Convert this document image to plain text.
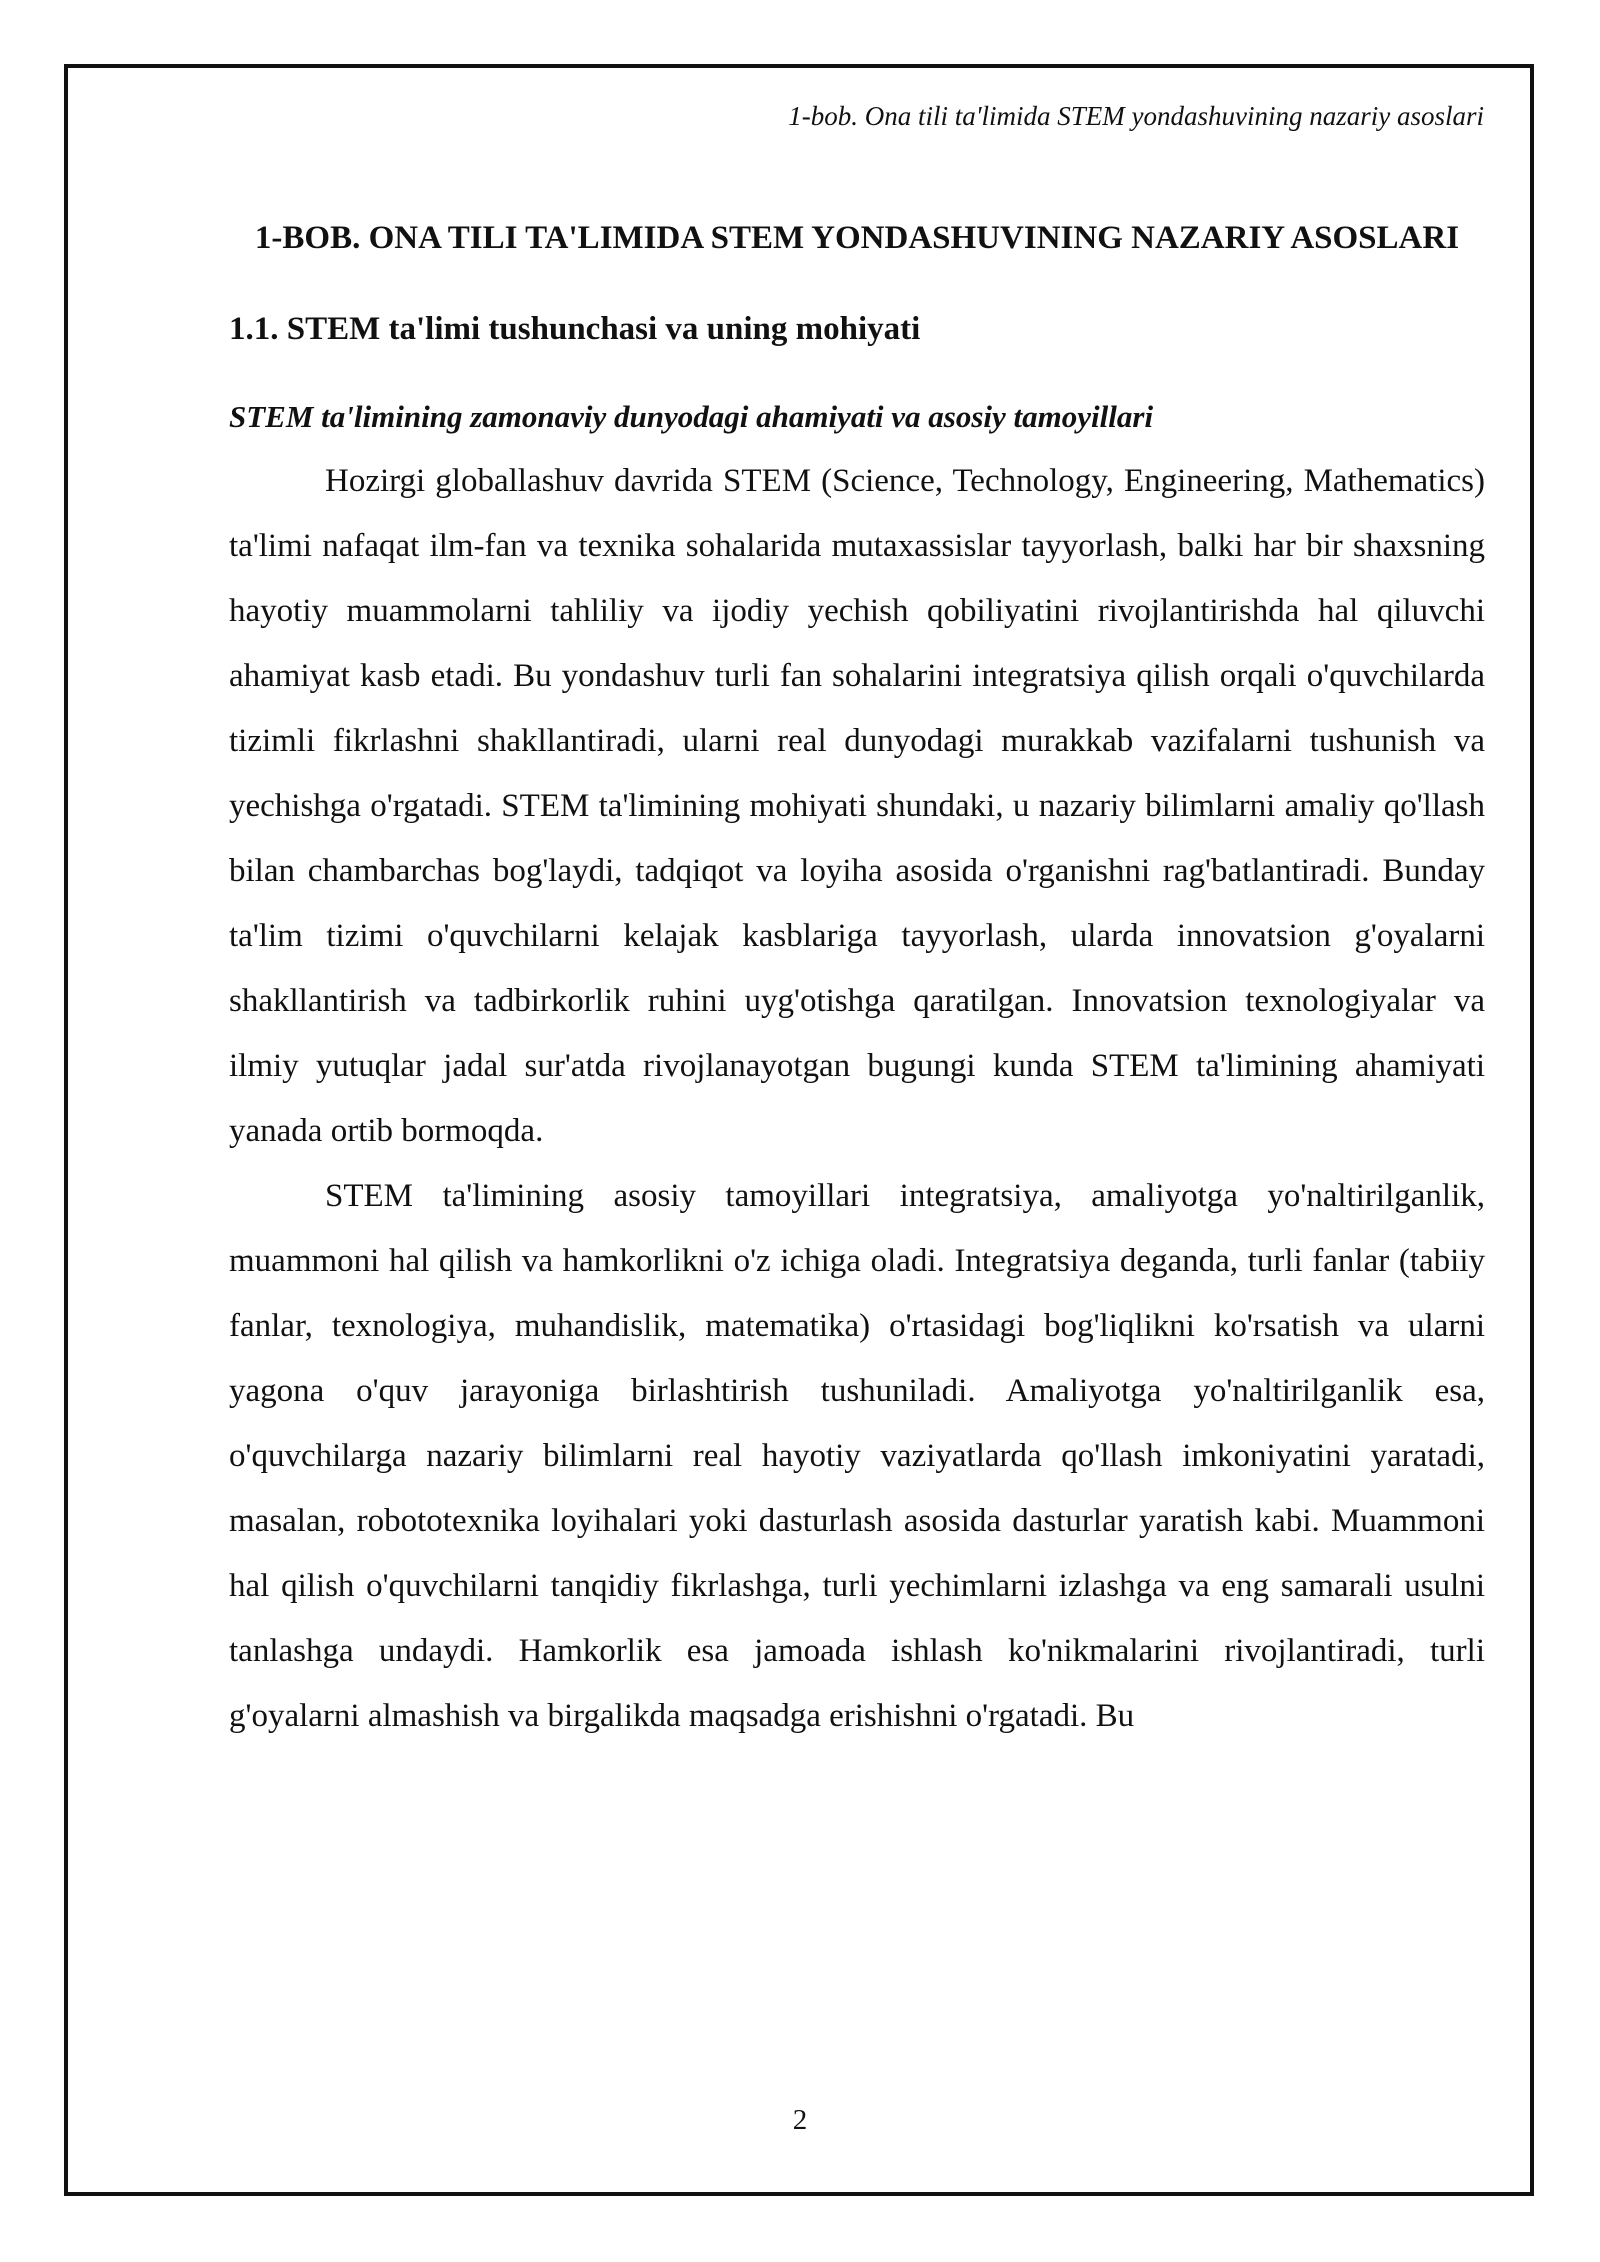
1-bob. Ona tili ta'limida STEM yondashuvining nazariy asoslari
1-BOB. ONA TILI TA'LIMIDA STEM YONDASHUVINING NAZARIY ASOSLARI
1.1. STEM ta'limi tushunchasi va uning mohiyati
STEM ta'limining zamonaviy dunyodagi ahamiyati va asosiy tamoyillari

Hozirgi globallashuv davrida STEM (Science, Technology, Engineering, Mathematics) ta'limi nafaqat ilm-fan va texnika sohalarida mutaxassislar tayyorlash, balki har bir shaxsning hayotiy muammolarni tahliliy va ijodiy yechish qobiliyatini rivojlantirishda hal qiluvchi ahamiyat kasb etadi. Bu yondashuv turli fan sohalarini integratsiya qilish orqali o'quvchilarda tizimli fikrlashni shakllantiradi, ularni real dunyodagi murakkab vazifalarni tushunish va yechishga o'rgatadi. STEM ta'limining mohiyati shundaki, u nazariy bilimlarni amaliy qo'llash bilan chambarchas bog'laydi, tadqiqot va loyiha asosida o'rganishni rag'batlantiradi. Bunday ta'lim tizimi o'quvchilarni kelajak kasblariga tayyorlash, ularda innovatsion g'oyalarni shakllantirish va tadbirkorlik ruhini uyg'otishga qaratilgan. Innovatsion texnologiyalar va ilmiy yutuqlar jadal sur'atda rivojlanayotgan bugungi kunda STEM ta'limining ahamiyati yanada ortib bormoqda.

STEM ta'limining asosiy tamoyillari integratsiya, amaliyotga yo'naltirilganlik, muammoni hal qilish va hamkorlikni o'z ichiga oladi. Integratsiya deganda, turli fanlar (tabiiy fanlar, texnologiya, muhandislik, matematika) o'rtasidagi bog'liqlikni ko'rsatish va ularni yagona o'quv jarayoniga birlashtirish tushuniladi. Amaliyotga yo'naltirilganlik esa, o'quvchilarga nazariy bilimlarni real hayotiy vaziyatlarda qo'llash imkoniyatini yaratadi, masalan, robototexnika loyihalari yoki dasturlash asosida dasturlar yaratish kabi. Muammoni hal qilish o'quvchilarni tanqidiy fikrlashga, turli yechimlarni izlashga va eng samarali usulni tanlashga undaydi. Hamkorlik esa jamoada ishlash ko'nikmalarini rivojlantiradi, turli g'oyalarni almashish va birgalikda maqsadga erishishni o'rgatadi. Bu

2
